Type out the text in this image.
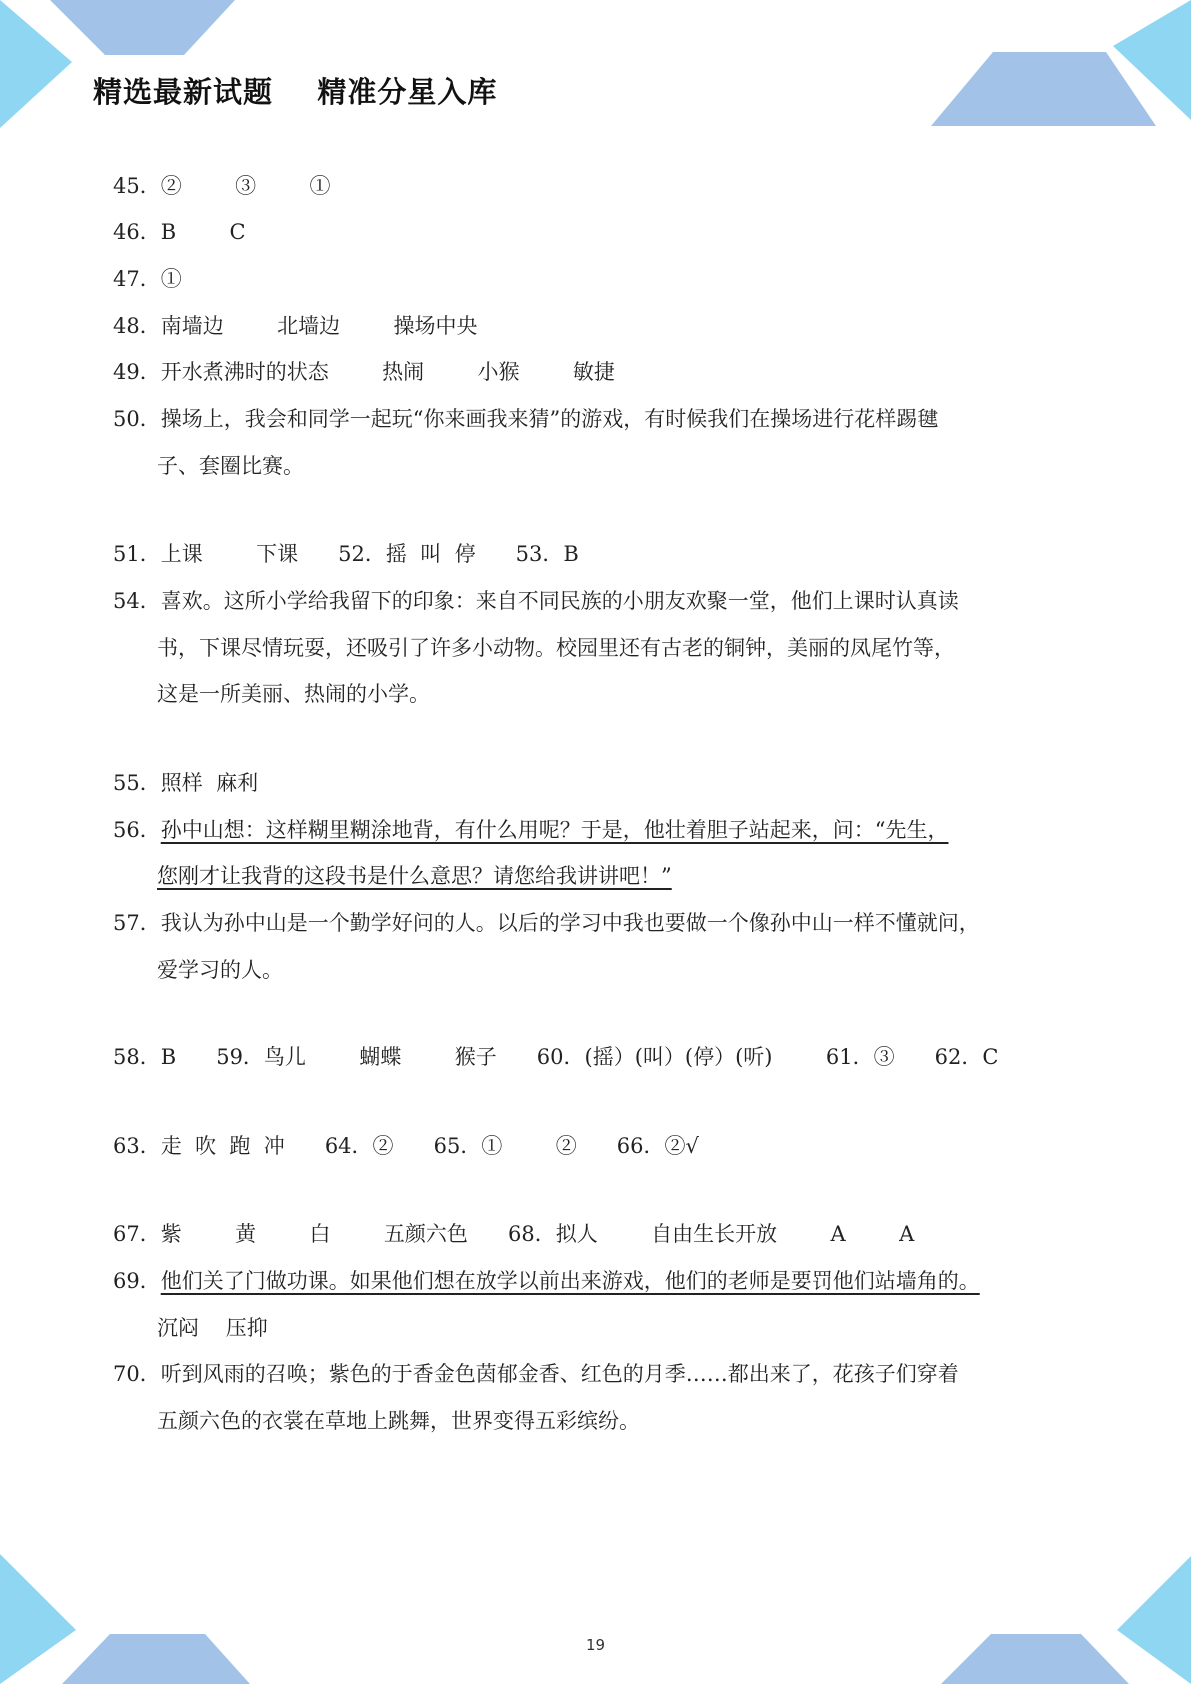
精选最新试题    精准分星入库
45．②        ③        ①
46．B        C
47．①
48．南墙边        北墙边        操场中央
49．开水煮沸时的状态        热闹        小猴        敏捷
50．操场上，我会和同学一起玩“你来画我来猜”的游戏，有时候我们在操场进行花样踢毽
子、套圈比赛。
51．上课        下课      52．摇  叫  停      53．B
54．喜欢。这所小学给我留下的印象：来自不同民族的小朋友欢聚一堂，他们上课时认真读
书，下课尽情玩耍，还吸引了许多小动物。校园里还有古老的铜钟，美丽的凤尾竹等，
这是一所美丽、热闹的小学。
55．照样  麻利
56．孙中山想：这样糊里糊涂地背，有什么用呢？于是，他壮着胆子站起来，问：“先生，
您刚才让我背的这段书是什么意思？请您给我讲讲吧！”
57．我认为孙中山是一个勤学好问的人。以后的学习中我也要做一个像孙中山一样不懂就问，
爱学习的人。
58．B      59．鸟儿        蝴蝶        猴子      60．(摇）(叫）(停）(听)        61．③      62．C
63．走  吹  跑  冲      64．②      65．①        ②      66．②√
67．紫        黄        白        五颜六色      68．拟人        自由生长开放        A        A
69．他们关了门做功课。如果他们想在放学以前出来游戏，他们的老师是要罚他们站墙角的。
沉闷    压抑
70．听到风雨的召唤；紫色的于香金色茵郁金香、红色的月季……都出来了，花孩子们穿着
五颜六色的衣裳在草地上跳舞，世界变得五彩缤纷。
19
